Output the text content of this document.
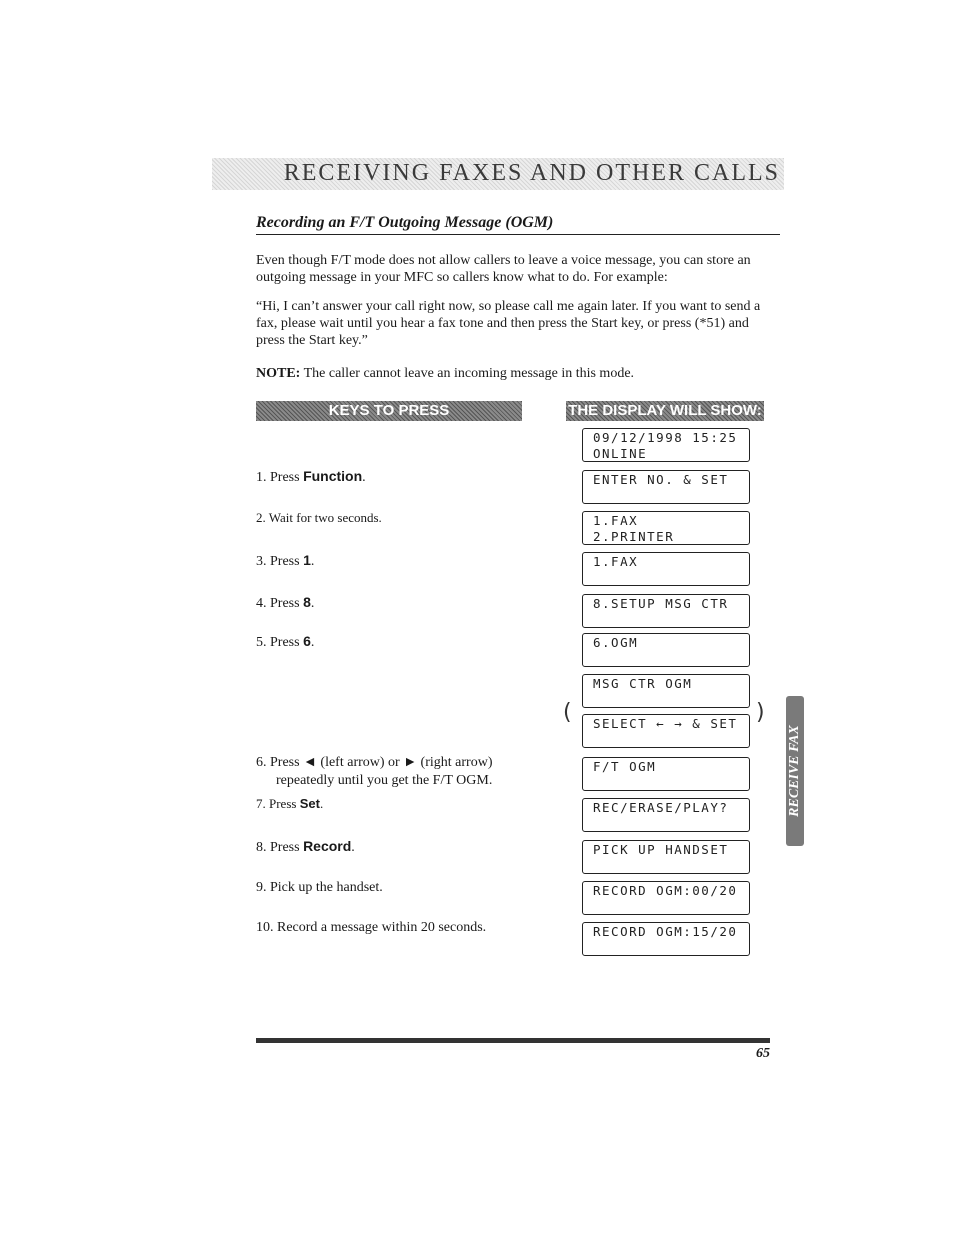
RECEIVING FAXES AND OTHER CALLS
Recording an F/T Outgoing Message (OGM)
Even though F/T mode does not allow callers to leave a voice message, you can store an outgoing message in your MFC so callers know what to do. For example:
“Hi, I can’t answer your call right now, so please call me again later. If you want to send a fax, please wait until you hear a fax tone and then press the Start key, or press (*51) and press the Start key.”
NOTE: The caller cannot leave an incoming message in this mode.
KEYS TO PRESS	THE DISPLAY WILL SHOW:
1. Press Function.
2. Wait for two seconds.
3. Press 1.
4. Press 8.
5. Press 6.
6. Press ◄ (left arrow) or ► (right arrow) repeatedly until you get the F/T OGM.
7. Press Set.
8. Press Record.
9. Pick up the handset.
10. Record a message within 20 seconds.
09/12/1998 15:25
ONLINE
ENTER NO. & SET
1.FAX
2.PRINTER
1.FAX
8.SETUP MSG CTR
6.OGM
MSG CTR OGM
SELECT ← → & SET
(	)
F/T OGM
REC/ERASE/PLAY?
PICK UP HANDSET
RECORD OGM:00/20
RECORD OGM:15/20
RECEIVE FAX
65
